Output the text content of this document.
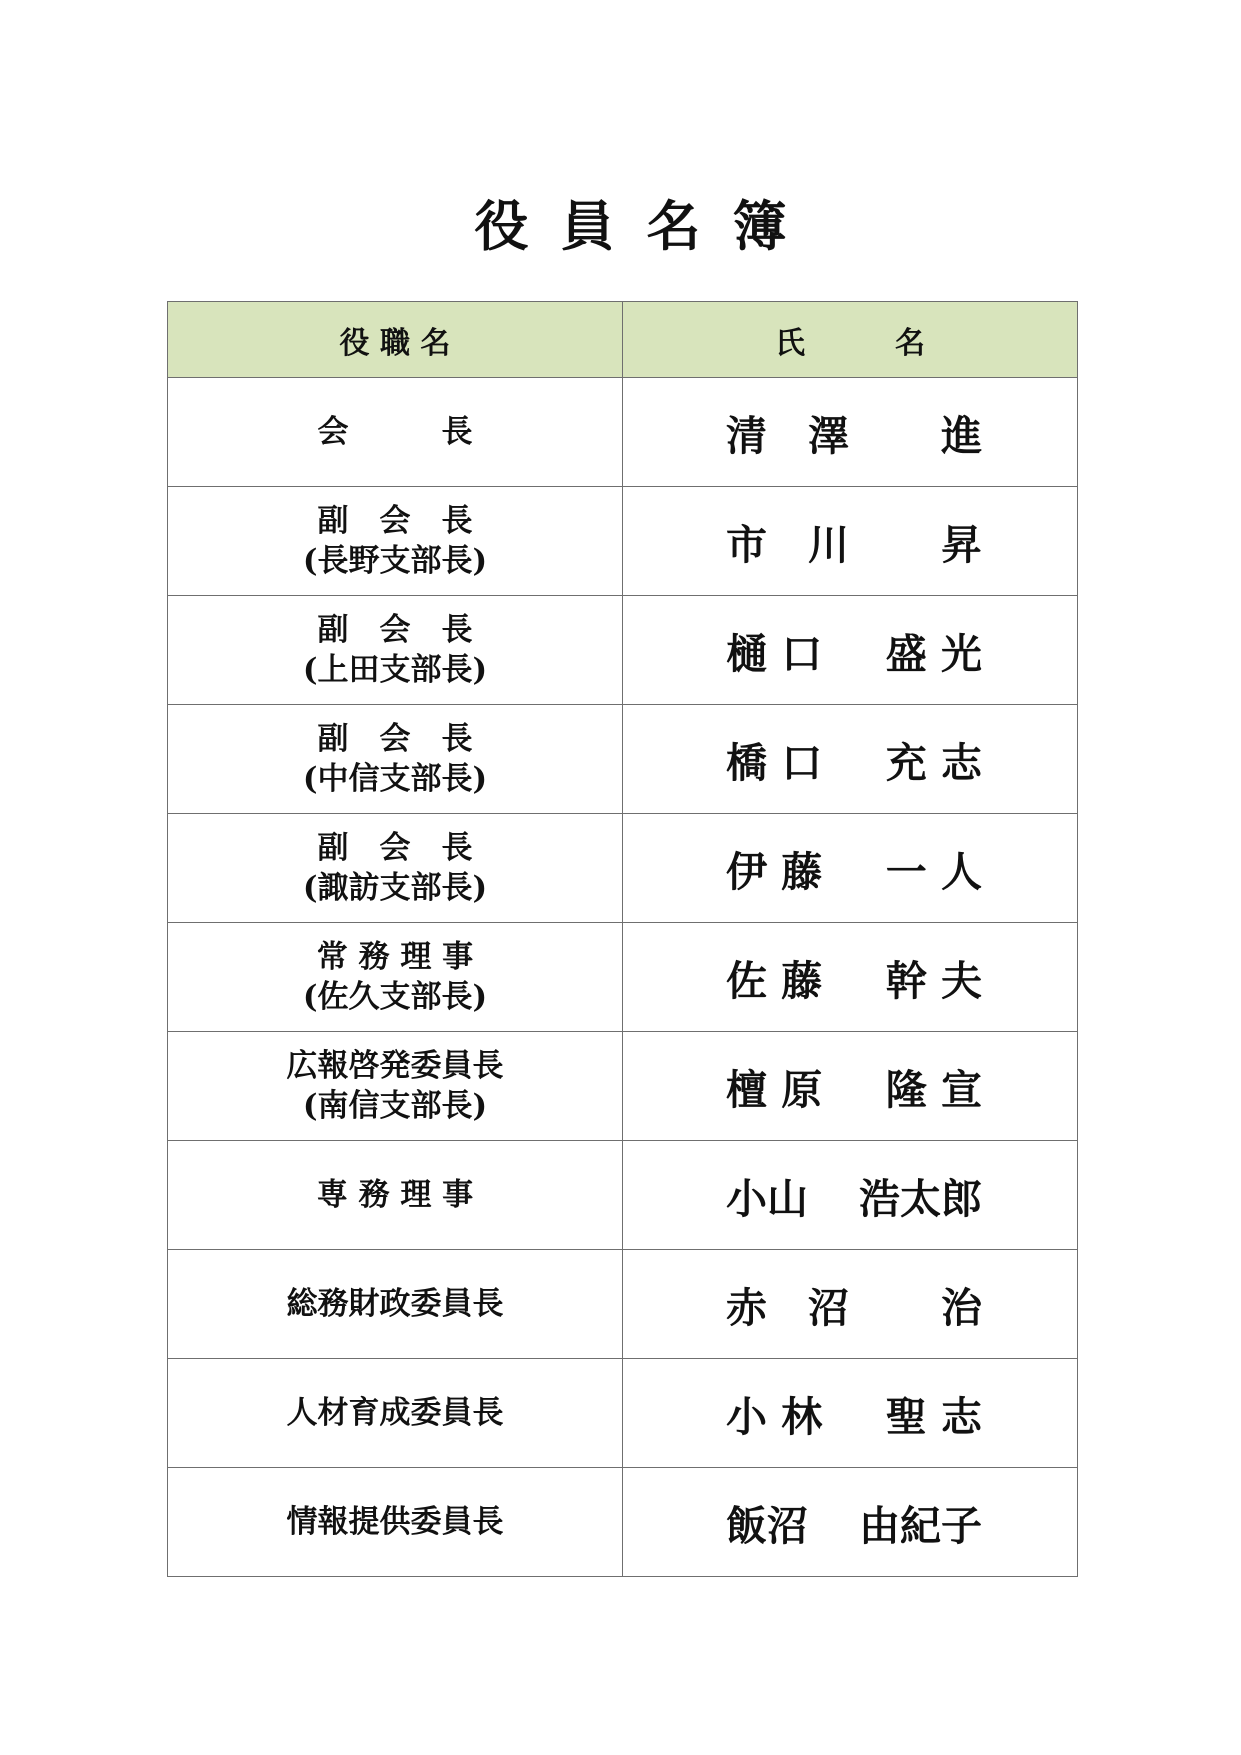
役 員 名 簿
役 職 名	氏　　　名

会　　　長	清　澤 進

副　会　長
(長野支部長)	市　川 昇

副　会　長
(上田支部長)	樋 口 盛 光

副　会　長
(中信支部長)	橋 口 充 志

副　会　長
(諏訪支部長)	伊 藤 一 人

常 務 理 事
(佐久支部長)	佐 藤 幹 夫

広報啓発委員長
(南信支部長)	檀 原 隆 宣

専 務 理 事	小山 浩太郎

総務財政委員長	赤　沼 治

人材育成委員長	小 林 聖 志

情報提供委員長	飯沼 由紀子
